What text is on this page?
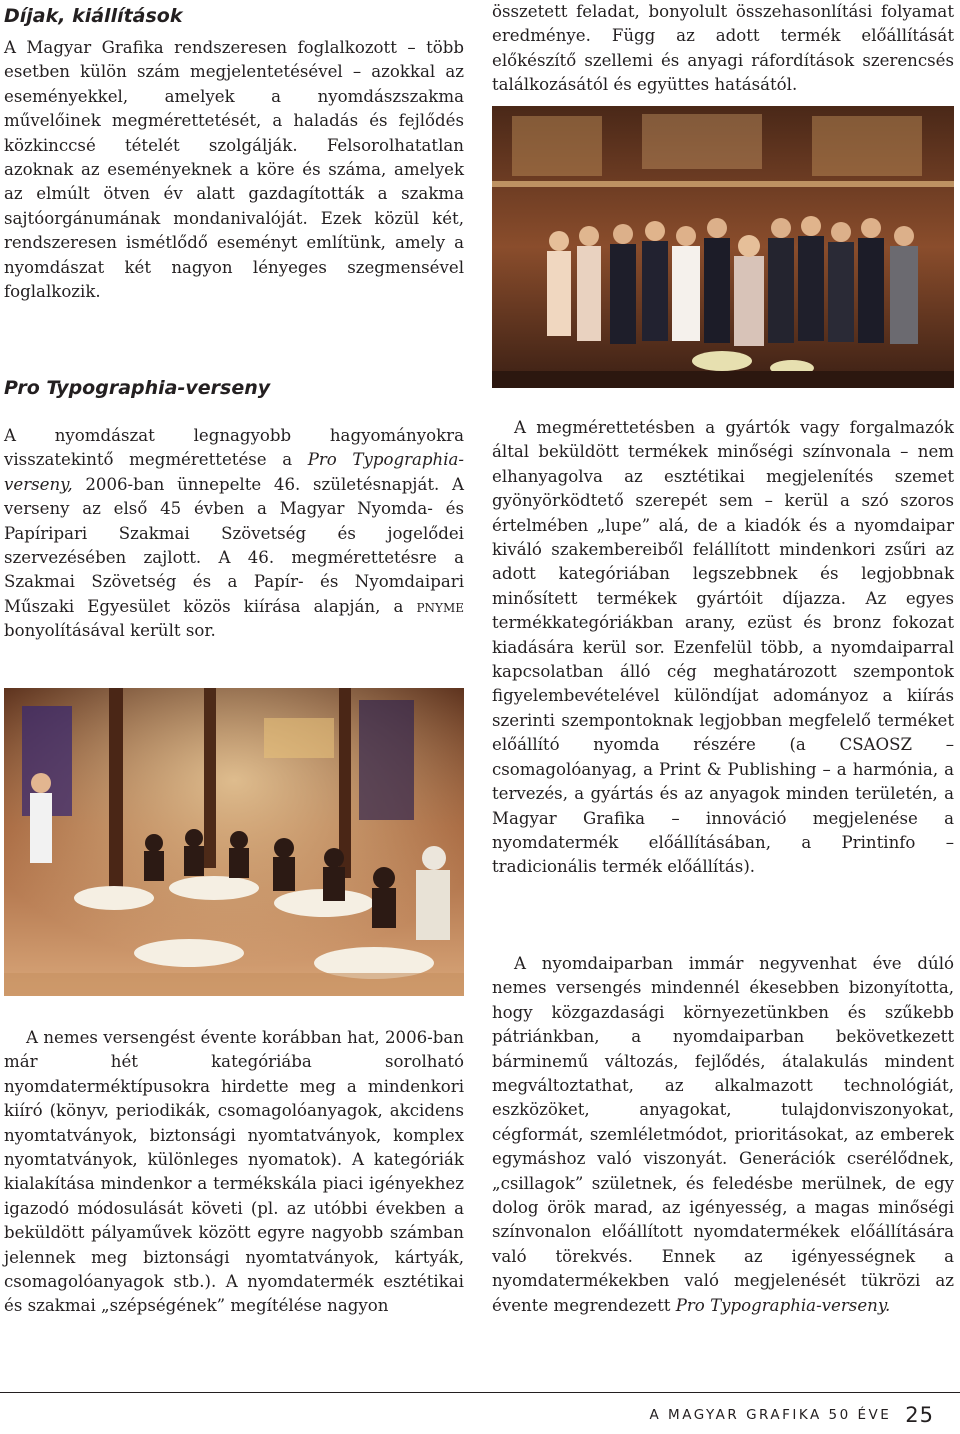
Díjak, kiállítások

A Magyar Grafika rendszeresen foglalkozott – több esetben külön szám megjelentetésével – azokkal az eseményekkel, amelyek a nyomdászszakma művelőinek megmérettetését, a haladás és fejlődés közkinccsé tételét szolgálják. Felsorolhatatlan azoknak az eseményeknek a köre és száma, amelyek az elmúlt ötven év alatt gazdagították a szakma sajtóorgánumának mondanivalóját. Ezek közül két, rendszeresen ismétlődő eseményt említünk, amely a nyomdászat két nagyon lényeges szegmensével foglalkozik.

Pro Typographia-verseny

A nyomdászat legnagyobb hagyományokra visszatekintő megmérettetése a Pro Typographia-verseny, 2006-ban ünnepelte 46. születésnapját. A verseny az első 45 évben a Magyar Nyomda- és Papíripari Szakmai Szövetség és jogelődei szervezésében zajlott. A 46. megmérettetésre a Szakmai Szövetség és a Papír- és Nyomdaipari Műszaki Egyesület közös kiírása alapján, a pnyme bonyolításával került sor.

A nemes versengést évente korábban hat, 2006-ban már hét kategóriába sorolható nyomdaterméktípusokra hirdette meg a mindenkori kiíró (könyv, periodikák, csomagolóanyagok, akcidens nyomtatványok, biztonsági nyomtatványok, komplex nyomtatványok, különleges nyomatok). A kategóriák kialakítása mindenkor a termékskála piaci igényekhez igazodó módosulását követi (pl. az utóbbi években a beküldött pályaművek között egyre nagyobb számban jelennek meg biztonsági nyomtatványok, kártyák, csomagolóanyagok stb.). A nyomdatermék esztétikai és szakmai „szépségének” megítélése nagyon

összetett feladat, bonyolult összehasonlítási folyamat eredménye. Függ az adott termék előállítását előkészítő szellemi és anyagi ráfordítások szerencsés találkozásától és együttes hatásától.

A megmérettetésben a gyártók vagy forgalmazók által beküldött termékek minőségi színvonala – nem elhanyagolva az esztétikai megjelenítés szemet gyönyörködtető szerepét sem – kerül a szó szoros értelmében „lupe” alá, de a kiadók és a nyomdaipar kiváló szakembereiből felállított mindenkori zsűri az adott kategóriában legszebbnek és legjobbnak minősített termékek gyártóit díjazza. Az egyes termékkategóriákban arany, ezüst és bronz fokozat kiadására kerül sor. Ezenfelül több, a nyomdaiparral kapcsolatban álló cég meghatározott szempontok figyelembevételével különdíjat adományoz a kiírás szerinti szempontoknak legjobban megfelelő terméket előállító nyomda részére (a CSAOSZ – csomagolóanyag, a Print & Publishing – a harmónia, a tervezés, a gyártás és az anyagok minden területén, a Magyar Grafika – innováció megjelenése a nyomdatermék előállításában, a Printinfo – tradicionális termék előállítás).

A nyomdaiparban immár negyvenhat éve dúló nemes versengés mindennél ékesebben bizonyította, hogy közgazdasági környezetünkben és szűkebb pátriánkban, a nyomdaiparban bekövetkezett bárminemű változás, fejlődés, átalakulás mindent megváltoztathat, az alkalmazott technológiát, eszközöket, anyagokat, tulajdonviszonyokat, cégformát, szemléletmódot, prioritásokat, az emberek egymáshoz való viszonyát. Generációk cserélődnek, „csillagok” születnek, és feledésbe merülnek, de egy dolog örök marad, az igényesség, a magas minőségi színvonalon előállított nyomdatermékek előállítására való törekvés. Ennek az igényességnek a nyomdatermékekben való megjelenését tükrözi az évente megrendezett Pro Typographia-verseny.

A MAGYAR GRAFIKA 50 ÉVE 25
